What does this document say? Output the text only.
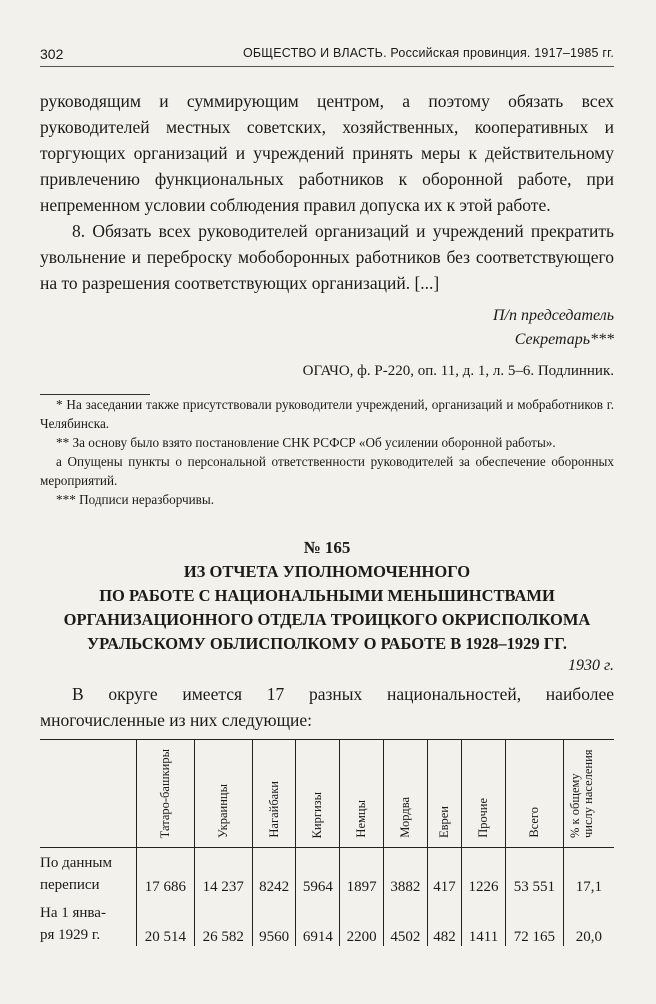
302	ОБЩЕСТВО И ВЛАСТЬ. Российская провинция. 1917–1985 гг.

руководящим и суммирующим центром, а поэтому обязать всех руководителей местных советских, хозяйственных, кооперативных и торгующих организаций и учреждений принять меры к действительному привлечению функциональных работников к оборонной работе, при непременном условии соблюдения правил допуска их к этой работе.

8. Обязать всех руководителей организаций и учреждений прекратить увольнение и переброску мобоборонных работников без соответствующего на то разрешения соответствующих организаций. [...]

П/п председатель
Секретарь***
ОГАЧО, ф. Р-220, оп. 11, д. 1, л. 5–6. Подлинник.

* На заседании также присутствовали руководители учреждений, организаций и мобработников г. Челябинска.

** За основу было взято постановление СНК РСФСР «Об усилении оборонной работы».

а Опущены пункты о персональной ответственности руководителей за обеспечение оборонных мероприятий.

*** Подписи неразборчивы.

№ 165
ИЗ ОТЧЕТА УПОЛНОМОЧЕННОГО
ПО РАБОТЕ С НАЦИОНАЛЬНЫМИ МЕНЬШИНСТВАМИ
ОРГАНИЗАЦИОННОГО ОТДЕЛА ТРОИЦКОГО ОКРИСПОЛКОМА
УРАЛЬСКОМУ ОБЛИСПОЛКОМУ О РАБОТЕ В 1928–1929 ГГ.
1930 г.

В округе имеется 17 разных национальностей, наиболее многочисленные из них следующие:

	Татаро-башкиры	Украинцы	Нагайбаки	Киргизы	Немцы	Мордва	Евреи	Прочие	Всего	% к общему числу населения
По данным
переписи	17 686	14 237	8242	5964	1897	3882	417	1226	53 551	17,1
На 1 янва-
ря 1929 г.	20 514	26 582	9560	6914	2200	4502	482	1411	72 165	20,0
